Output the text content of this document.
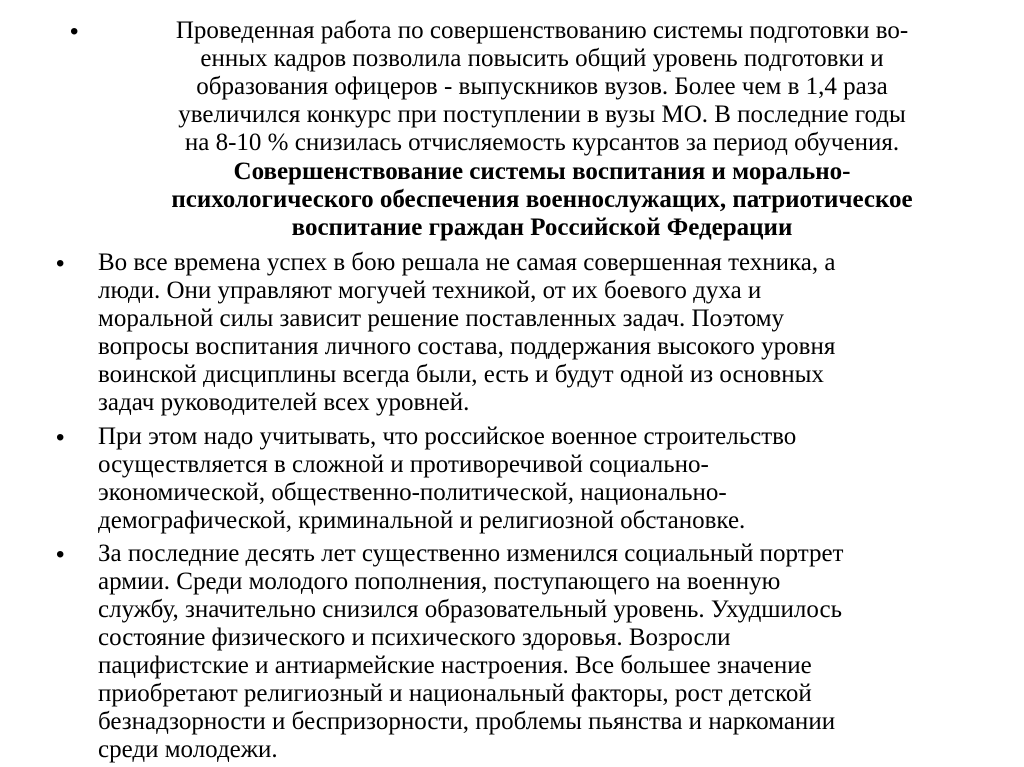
•	Проведенная работа по совершенствованию системы подготовки во-
енных кадров позволила повысить общий уровень подготовки и
образования офицеров - выпускников вузов. Более чем в 1,4 раза
увеличился конкурс при поступлении в вузы МО. В последние годы
на 8-10 % снизилась отчисляемость курсантов за период обучения.
Совершенствование системы воспитания и морально-
психологического обеспечения военнослужащих, патриотическое
воспитание граждан Российской Федерации
• Во все времена успех в бою решала не самая совершенная техника, а
люди. Они управляют могучей техникой, от их боевого духа и
моральной силы зависит решение поставленных задач. Поэтому
вопросы воспитания личного состава, поддержания высокого уровня
воинской дисциплины всегда были, есть и будут одной из основных
задач руководителей всех уровней.
• При этом надо учитывать, что российское военное строительство
осуществляется в сложной и противоречивой социально-
экономической, общественно-политической, национально-
демографической, криминальной и религиозной обстановке.
• За последние десять лет существенно изменился социальный портрет
армии. Среди молодого пополнения, поступающего на военную
службу, значительно снизился образовательный уровень. Ухудшилось
состояние физического и психического здоровья. Возросли
пацифистские и антиармейские настроения. Все большее значение
приобретают религиозный и национальный факторы, рост детской
безнадзорности и беспризорности, проблемы пьянства и наркомании
среди молодежи.
